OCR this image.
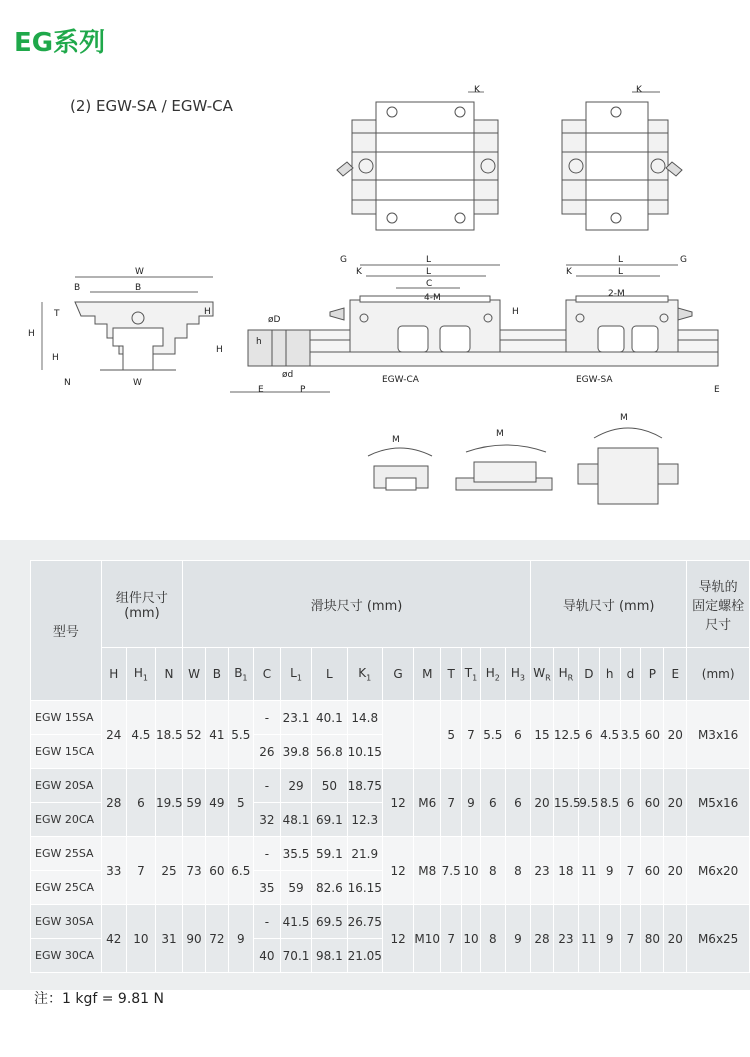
EG系列
(2) EGW-SA / EGW-CA
W
B
B
T
H
H
H
N	W
øD
h
H
ød
E	P	E
G	G
L	L
L	L
K	K
C
4-M	2-M
H
K	K
EGW-CA	EGW-SA
M
M
M
型号	组件尺寸
(mm)			滑块尺寸 (mm)													导轨尺寸 (mm)							导轨的
固定螺栓
尺寸
	H	$H_1$	N	W	B	$B_1$	C	$L_1$	L	$K_1$	G	M	T	$T_1$	$H_2$	$H_3$	$W_R$	$H_R$	D	h	d	P	E	(mm)
EGW 15SA	24	4.5	18.5	52	41	5.5	-	23.1	40.1	14.8			5	7	5.5	6	15	12.5	6	4.5	3.5	60	20	M3x16
EGW 15CA							26	39.8	56.8	10.15														
EGW 20SA	28	6	19.5	59	49	5	-	29	50	18.75	12	M6	7	9	6	6	20	15.5	9.5	8.5	6	60	20	M5x16
EGW 20CA							32	48.1	69.1	12.3														
EGW 25SA	33	7	25	73	60	6.5	-	35.5	59.1	21.9	12	M8	7.5	10	8	8	23	18	11	9	7	60	20	M6x20
EGW 25CA							35	59	82.6	16.15														
EGW 30SA	42	10	31	90	72	9	-	41.5	69.5	26.75	12	M10	7	10	8	9	28	23	11	9	7	80	20	M6x25
EGW 30CA							40	70.1	98.1	21.05														
注：1 kgf = 9.81 N
